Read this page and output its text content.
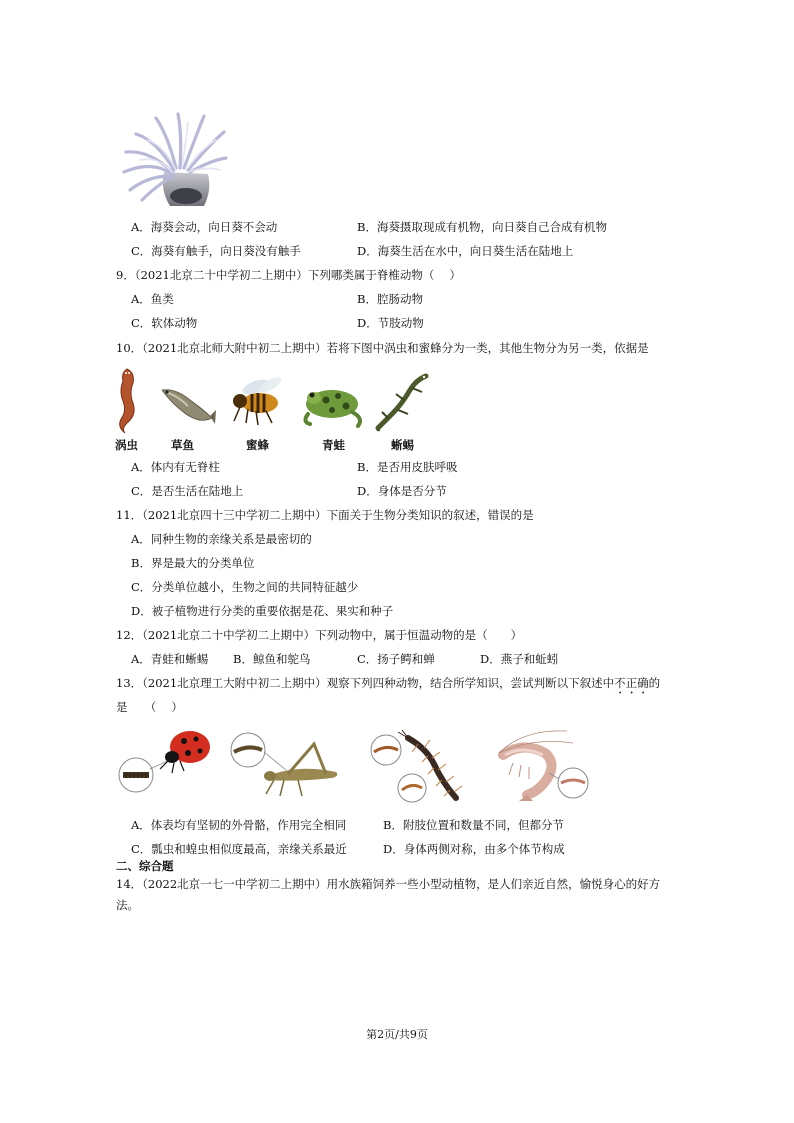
A．海葵会动，向日葵不会动	B．海葵摄取现成有机物，向日葵自己合成有机物
C．海葵有触手，向日葵没有触手	D．海葵生活在水中，向日葵生活在陆地上
9．（2021北京二十中学初二上期中）下列哪类属于脊椎动物（　 ）
A．鱼类	B．腔肠动物
C．软体动物	D．节肢动物
10．（2021北京北师大附中初二上期中）若将下图中涡虫和蜜蜂分为一类，其他生物分为另一类，依据是
涡虫	草鱼	蜜蜂	青蛙	蜥蜴
A．体内有无脊柱	B．是否用皮肤呼吸
C．是否生活在陆地上	D．身体是否分节
11．（2021北京四十三中学初二上期中）下面关于生物分类知识的叙述，错误的是
A．同种生物的亲缘关系是最密切的
B．界是最大的分类单位
C．分类单位越小，生物之间的共同特征越少
D．被子植物进行分类的重要依据是花、果实和种子
12．（2021北京二十中学初二上期中）下列动物中，属于恒温动物的是（　　）
A．青蛙和蜥蜴 B．鲸鱼和鸵鸟	C．扬子鳄和蝉	D．燕子和蚯蚓
13．（2021北京理工大附中初二上期中）观察下列四种动物，结合所学知识，尝试判断以下叙述中不正确的
是　　（　 ）
A．体表均有坚韧的外骨骼，作用完全相同	B．附肢位置和数量不同，但都分节
C．瓢虫和蝗虫相似度最高，亲缘关系最近	D．身体两侧对称，由多个体节构成
二、综合题
14．（2022北京一七一中学初二上期中）用水族箱饲养一些小型动植物，是人们亲近自然，愉悦身心的好方
法。
第2页/共9页
